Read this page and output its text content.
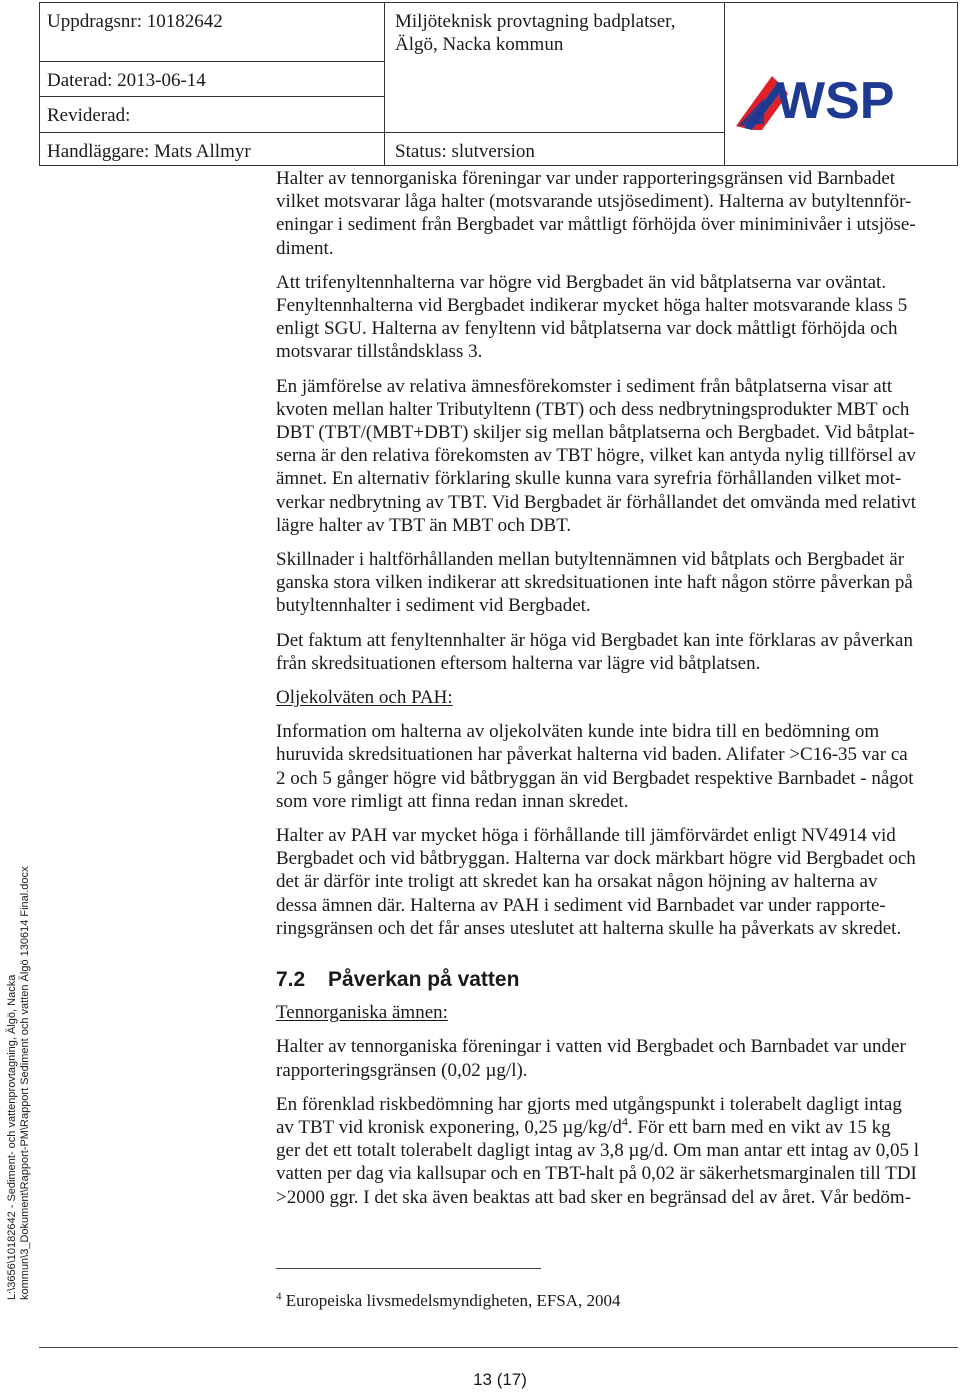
Uppdragsnr: 10182642	Miljöteknisk provtagning badplatser,
Älgö, Nacka kommun
Daterad: 2013-06-14
Reviderad:
Handläggare: Mats Allmyr	Status: slutversion
WSP
L:\3656\10182642 - Sediment- och vattenprovtagning, Älgö, Nacka kommun\3_Dokument\Rapport-PM\Rapport Sediment och vatten Älgö 130614 Final.docx

Halter av tennorganiska föreningar var under rapporteringsgränsen vid Barnbadet
vilket motsvarar låga halter (motsvarande utsjösediment). Halterna av butyltennför-
eningar i sediment från Bergbadet var måttligt förhöjda över miniminivåer i utsjöse-
diment.

Att trifenyltennhalterna var högre vid Bergbadet än vid båtplatserna var oväntat.
Fenyltennhalterna vid Bergbadet indikerar mycket höga halter motsvarande klass 5
enligt SGU. Halterna av fenyltenn vid båtplatserna var dock måttligt förhöjda och
motsvarar tillståndsklass 3.

En jämförelse av relativa ämnesförekomster i sediment från båtplatserna visar att
kvoten mellan halter Tributyltenn (TBT) och dess nedbrytningsprodukter MBT och
DBT (TBT/(MBT+DBT) skiljer sig mellan båtplatserna och Bergbadet. Vid båtplat-
serna är den relativa förekomsten av TBT högre, vilket kan antyda nylig tillförsel av
ämnet. En alternativ förklaring skulle kunna vara syrefria förhållanden vilket mot-
verkar nedbrytning av TBT. Vid Bergbadet är förhållandet det omvända med relativt
lägre halter av TBT än MBT och DBT.

Skillnader i haltförhållanden mellan butyltennämnen vid båtplats och Bergbadet är
ganska stora vilken indikerar att skredsituationen inte haft någon större påverkan på
butyltennhalter i sediment vid Bergbadet.

Det faktum att fenyltennhalter är höga vid Bergbadet kan inte förklaras av påverkan
från skredsituationen eftersom halterna var lägre vid båtplatsen.

Oljekolväten och PAH:

Information om halterna av oljekolväten kunde inte bidra till en bedömning om
huruvida skredsituationen har påverkat halterna vid baden. Alifater >C16-35 var ca
2 och 5 gånger högre vid båtbryggan än vid Bergbadet respektive Barnbadet - något
som vore rimligt att finna redan innan skredet.

Halter av PAH var mycket höga i förhållande till jämförvärdet enligt NV4914 vid
Bergbadet och vid båtbryggan. Halterna var dock märkbart högre vid Bergbadet och
det är därför inte troligt att skredet kan ha orsakat någon höjning av halterna av
dessa ämnen där. Halterna av PAH i sediment vid Barnbadet var under rapporte-
ringsgränsen och det får anses uteslutet att halterna skulle ha påverkats av skredet.

7.2 Påverkan på vatten

Tennorganiska ämnen:

Halter av tennorganiska föreningar i vatten vid Bergbadet och Barnbadet var under
rapporteringsgränsen (0,02 µg/l).

En förenklad riskbedömning har gjorts med utgångspunkt i tolerabelt dagligt intag
av TBT vid kronisk exponering, 0,25 $\mu g/kg/d^4$. För ett barn med en vikt av 15 kg
ger det ett totalt tolerabelt dagligt intag av 3,8 µg/d. Om man antar ett intag av 0,05 l
vatten per dag via kallsupar och en TBT-halt på 0,02 är säkerhetsmarginalen till TDI
>2000 ggr. I det ska även beaktas att bad sker en begränsad del av året. Vår bedöm-

$^4$ Europeiska livsmedelsmyndigheten, EFSA, 2004
13 (17)
